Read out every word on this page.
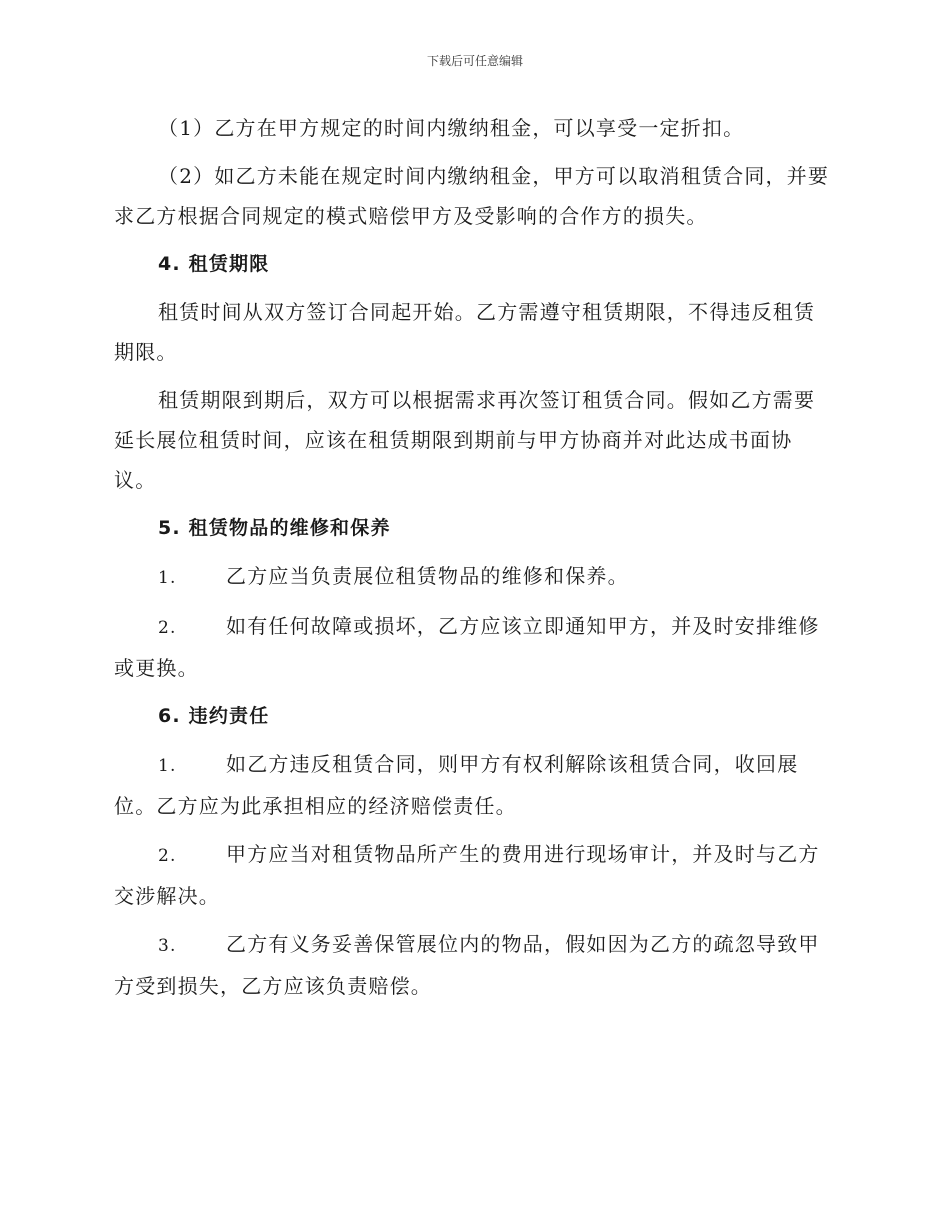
下载后可任意编辑

（1）乙方在甲方规定的时间内缴纳租金，可以享受一定折扣。

（2）如乙方未能在规定时间内缴纳租金，甲方可以取消租赁合同，并要求乙方根据合同规定的模式赔偿甲方及受影响的合作方的损失。

4. 租赁期限

租赁时间从双方签订合同起开始。乙方需遵守租赁期限，不得违反租赁期限。

租赁期限到期后，双方可以根据需求再次签订租赁合同。假如乙方需要延长展位租赁时间，应该在租赁期限到期前与甲方协商并对此达成书面协议。

5. 租赁物品的维修和保养

1. 乙方应当负责展位租赁物品的维修和保养。

2. 如有任何故障或损坏，乙方应该立即通知甲方，并及时安排维修或更换。

6. 违约责任

1. 如乙方违反租赁合同，则甲方有权利解除该租赁合同，收回展位。乙方应为此承担相应的经济赔偿责任。

2. 甲方应当对租赁物品所产生的费用进行现场审计，并及时与乙方交涉解决。

3. 乙方有义务妥善保管展位内的物品，假如因为乙方的疏忽导致甲方受到损失，乙方应该负责赔偿。
